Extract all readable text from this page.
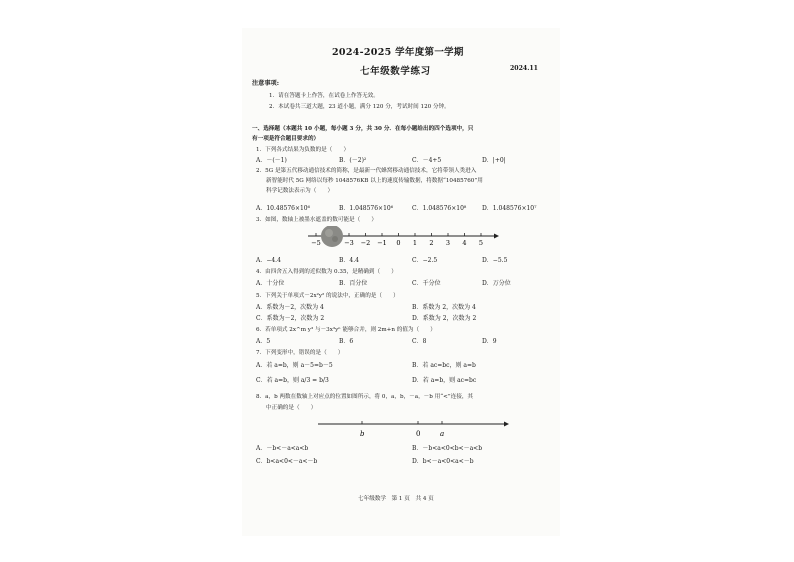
2024-2025 学年度第一学期
七年级数学练习	2024.11
注意事项:
1．请在答题卡上作答，在试卷上作答无效。
2．本试卷共三道大题，23 道小题，满分 120 分，考试时间 120 分钟。
一、选择题（本题共 10 小题，每小题 3 分，共 30 分．在每小题给出的四个选项中，只
有一项是符合题目要求的）
1．下列各式结果为负数的是（　　）
A．－(－1)	B．(－2)²	C．－4+5	D．|+0|
2．5G 是第五代移动通信技术的简称，是最新一代蜂窝移动通信技术，它将带领人类进入
新智能时代 5G 网络以每秒 1048576KB 以上的速度传输数据，将数据“10485760”用
科学记数法表示为（　　）
A．10.48576×10⁶	B．1.048576×10⁶	C．1.048576×10⁸	D．1.048576×10⁷
3．如图，数轴上被墨水遮盖的数可能是（　　）
−5	−3 −2 −1 0 1 2 3 4 5
A．−4.4	B．4.4	C．−2.5	D．−5.5
4．由四舍五入得到的近似数为 0.35，是精确到（　　）
A．十分位	B．百分位	C．千分位	D．万分位
5．下列关于单项式－2x²y² 的说法中，正确的是（　　）
A．系数为－2，次数为 4	B．系数为 2，次数为 4
C．系数为－2，次数为 2	D．系数为 2，次数为 2
6．若单项式 2x^m y³ 与－3x³yⁿ 能够合并，则 2m+n 的值为（　　）
A．5	B．6	C．8	D．9
7．下列变形中，错误的是（　　）
A．若 a=b，则 a－5=b－5	B．若 ac=bc，则 a=b
C．若 a=b，则 a/3 = b/3	D．若 a=b，则 ac=bc
8．a，b 两数在数轴上对应点的位置如图所示，将 0，a，b，－a，－b 用“<”连接，其
中正确的是（　　）
b	0	a
A．－b<－a<a<b	B．－b<a<0<b<－a<b
C．b<a<0<－a<－b	D．b<－a<0<a<－b
七年级数学　第 1 页　共 4 页
